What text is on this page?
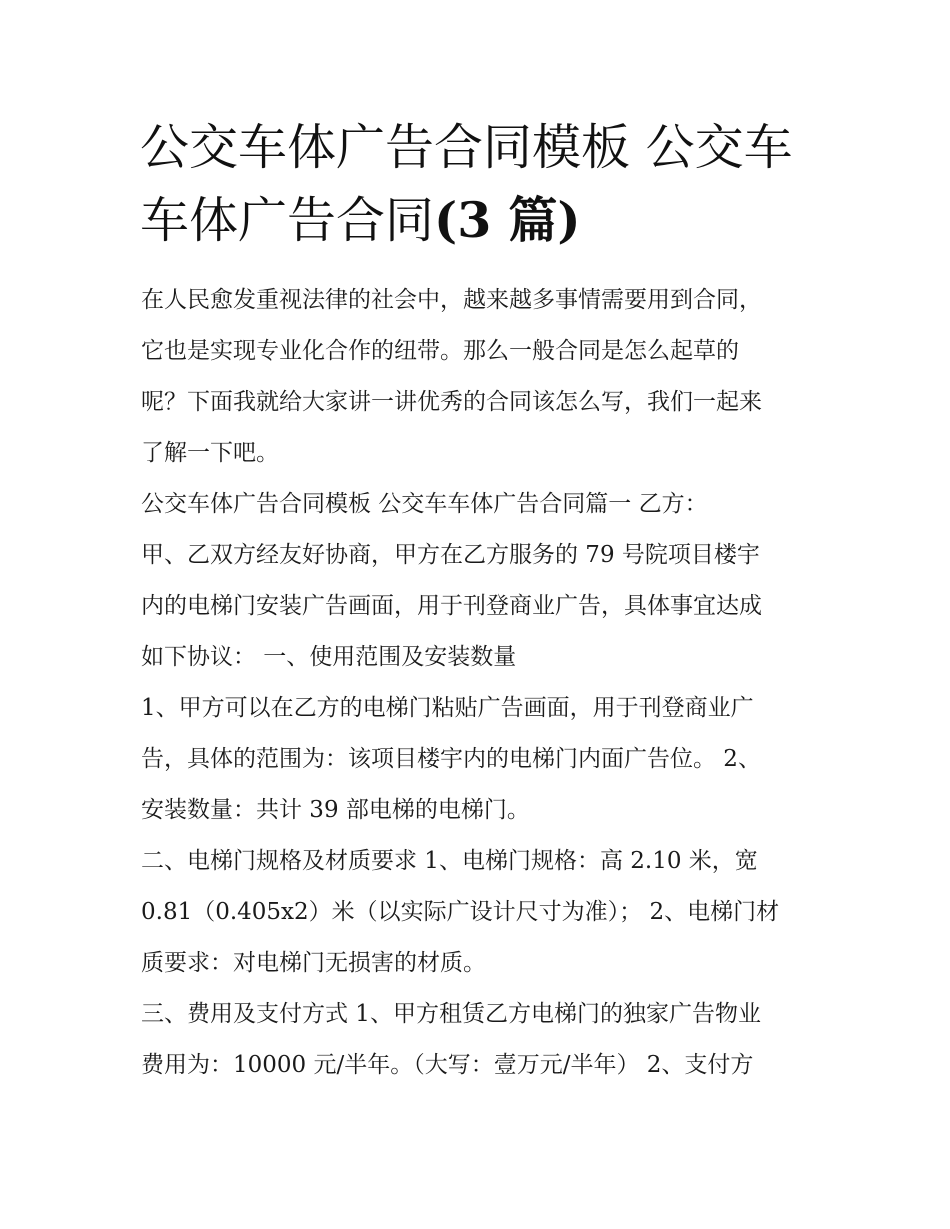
公交车体广告合同模板 公交车
车体广告合同(3 篇)
在人民愈发重视法律的社会中，越来越多事情需要用到合同，
它也是实现专业化合作的纽带。那么一般合同是怎么起草的
呢？下面我就给大家讲一讲优秀的合同该怎么写，我们一起来
了解一下吧。
公交车体广告合同模板 公交车车体广告合同篇一 乙方：
甲、乙双方经友好协商，甲方在乙方服务的 79 号院项目楼宇
内的电梯门安装广告画面，用于刊登商业广告，具体事宜达成
如下协议： 一、使用范围及安装数量
1、甲方可以在乙方的电梯门粘贴广告画面，用于刊登商业广
告，具体的范围为：该项目楼宇内的电梯门内面广告位。 2、
安装数量：共计 39 部电梯的电梯门。
二、电梯门规格及材质要求 1、电梯门规格：高 2.10 米，宽
0.81（0.405x2）米（以实际广设计尺寸为准）； 2、电梯门材
质要求：对电梯门无损害的材质。
三、费用及支付方式 1、甲方租赁乙方电梯门的独家广告物业
费用为：10000 元/半年。（大写：壹万元/半年） 2、支付方
